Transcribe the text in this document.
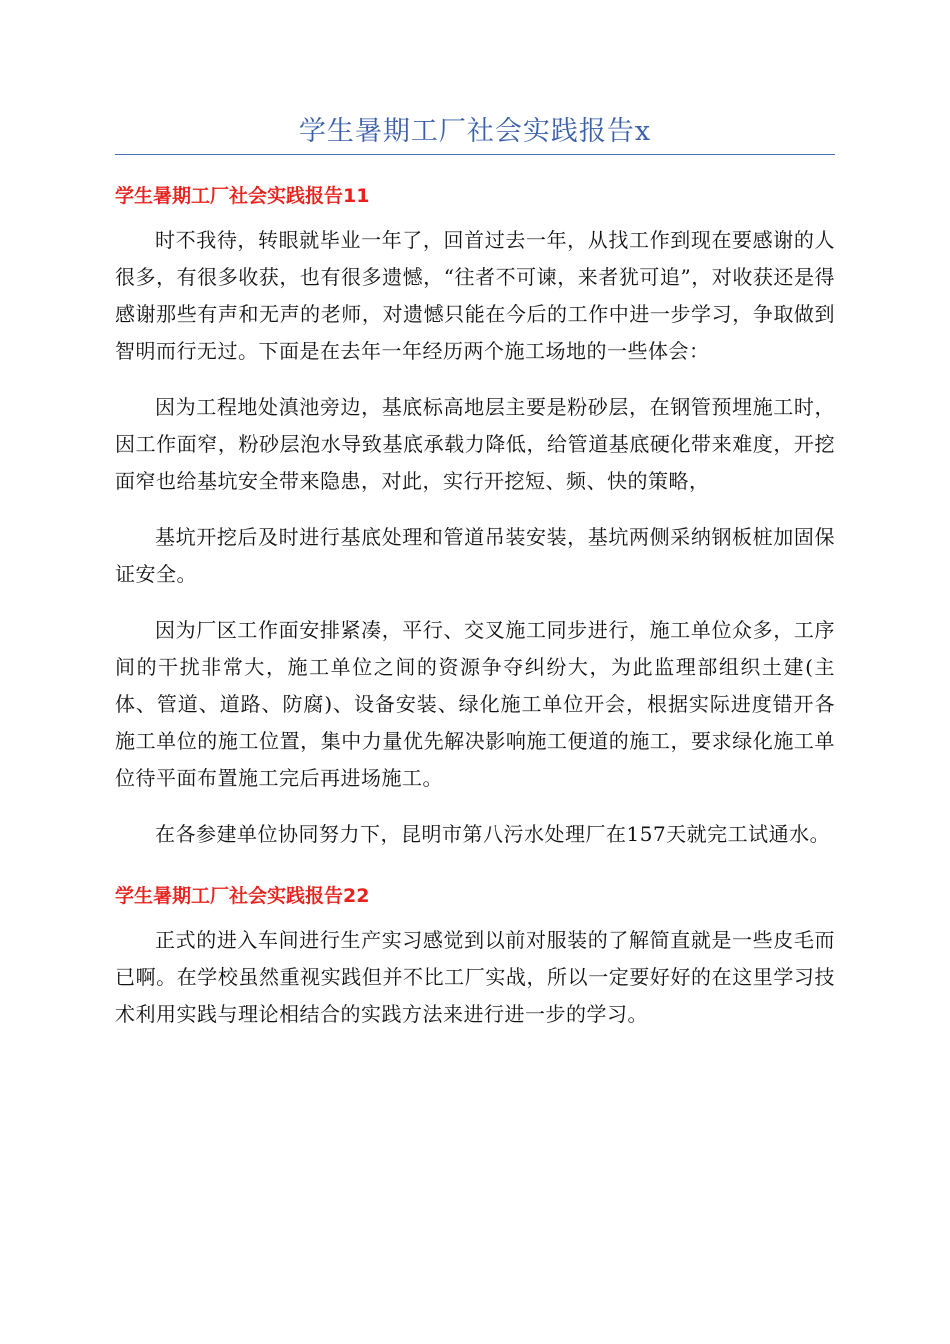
学生暑期工厂社会实践报告x
学生暑期工厂社会实践报告11

时不我待，转眼就毕业一年了，回首过去一年，从找工作到现在要感谢的人很多，有很多收获，也有很多遗憾，“往者不可谏，来者犹可追”，对收获还是得感谢那些有声和无声的老师，对遗憾只能在今后的工作中进一步学习，争取做到智明而行无过。下面是在去年一年经历两个施工场地的一些体会：

因为工程地处滇池旁边，基底标高地层主要是粉砂层，在钢管预埋施工时，因工作面窄，粉砂层泡水导致基底承载力降低，给管道基底硬化带来难度，开挖面窄也给基坑安全带来隐患，对此，实行开挖短、频、快的策略，

基坑开挖后及时进行基底处理和管道吊装安装，基坑两侧采纳钢板桩加固保证安全。

因为厂区工作面安排紧凑，平行、交叉施工同步进行，施工单位众多，工序间的干扰非常大，施工单位之间的资源争夺纠纷大，为此监理部组织土建(主体、管道、道路、防腐)、设备安装、绿化施工单位开会，根据实际进度错开各施工单位的施工位置，集中力量优先解决影响施工便道的施工，要求绿化施工单位待平面布置施工完后再进场施工。

在各参建单位协同努力下，昆明市第八污水处理厂在157天就完工试通水。

学生暑期工厂社会实践报告22

正式的进入车间进行生产实习感觉到以前对服装的了解简直就是一些皮毛而已啊。在学校虽然重视实践但并不比工厂实战，所以一定要好好的在这里学习技术利用实践与理论相结合的实践方法来进行进一步的学习。
